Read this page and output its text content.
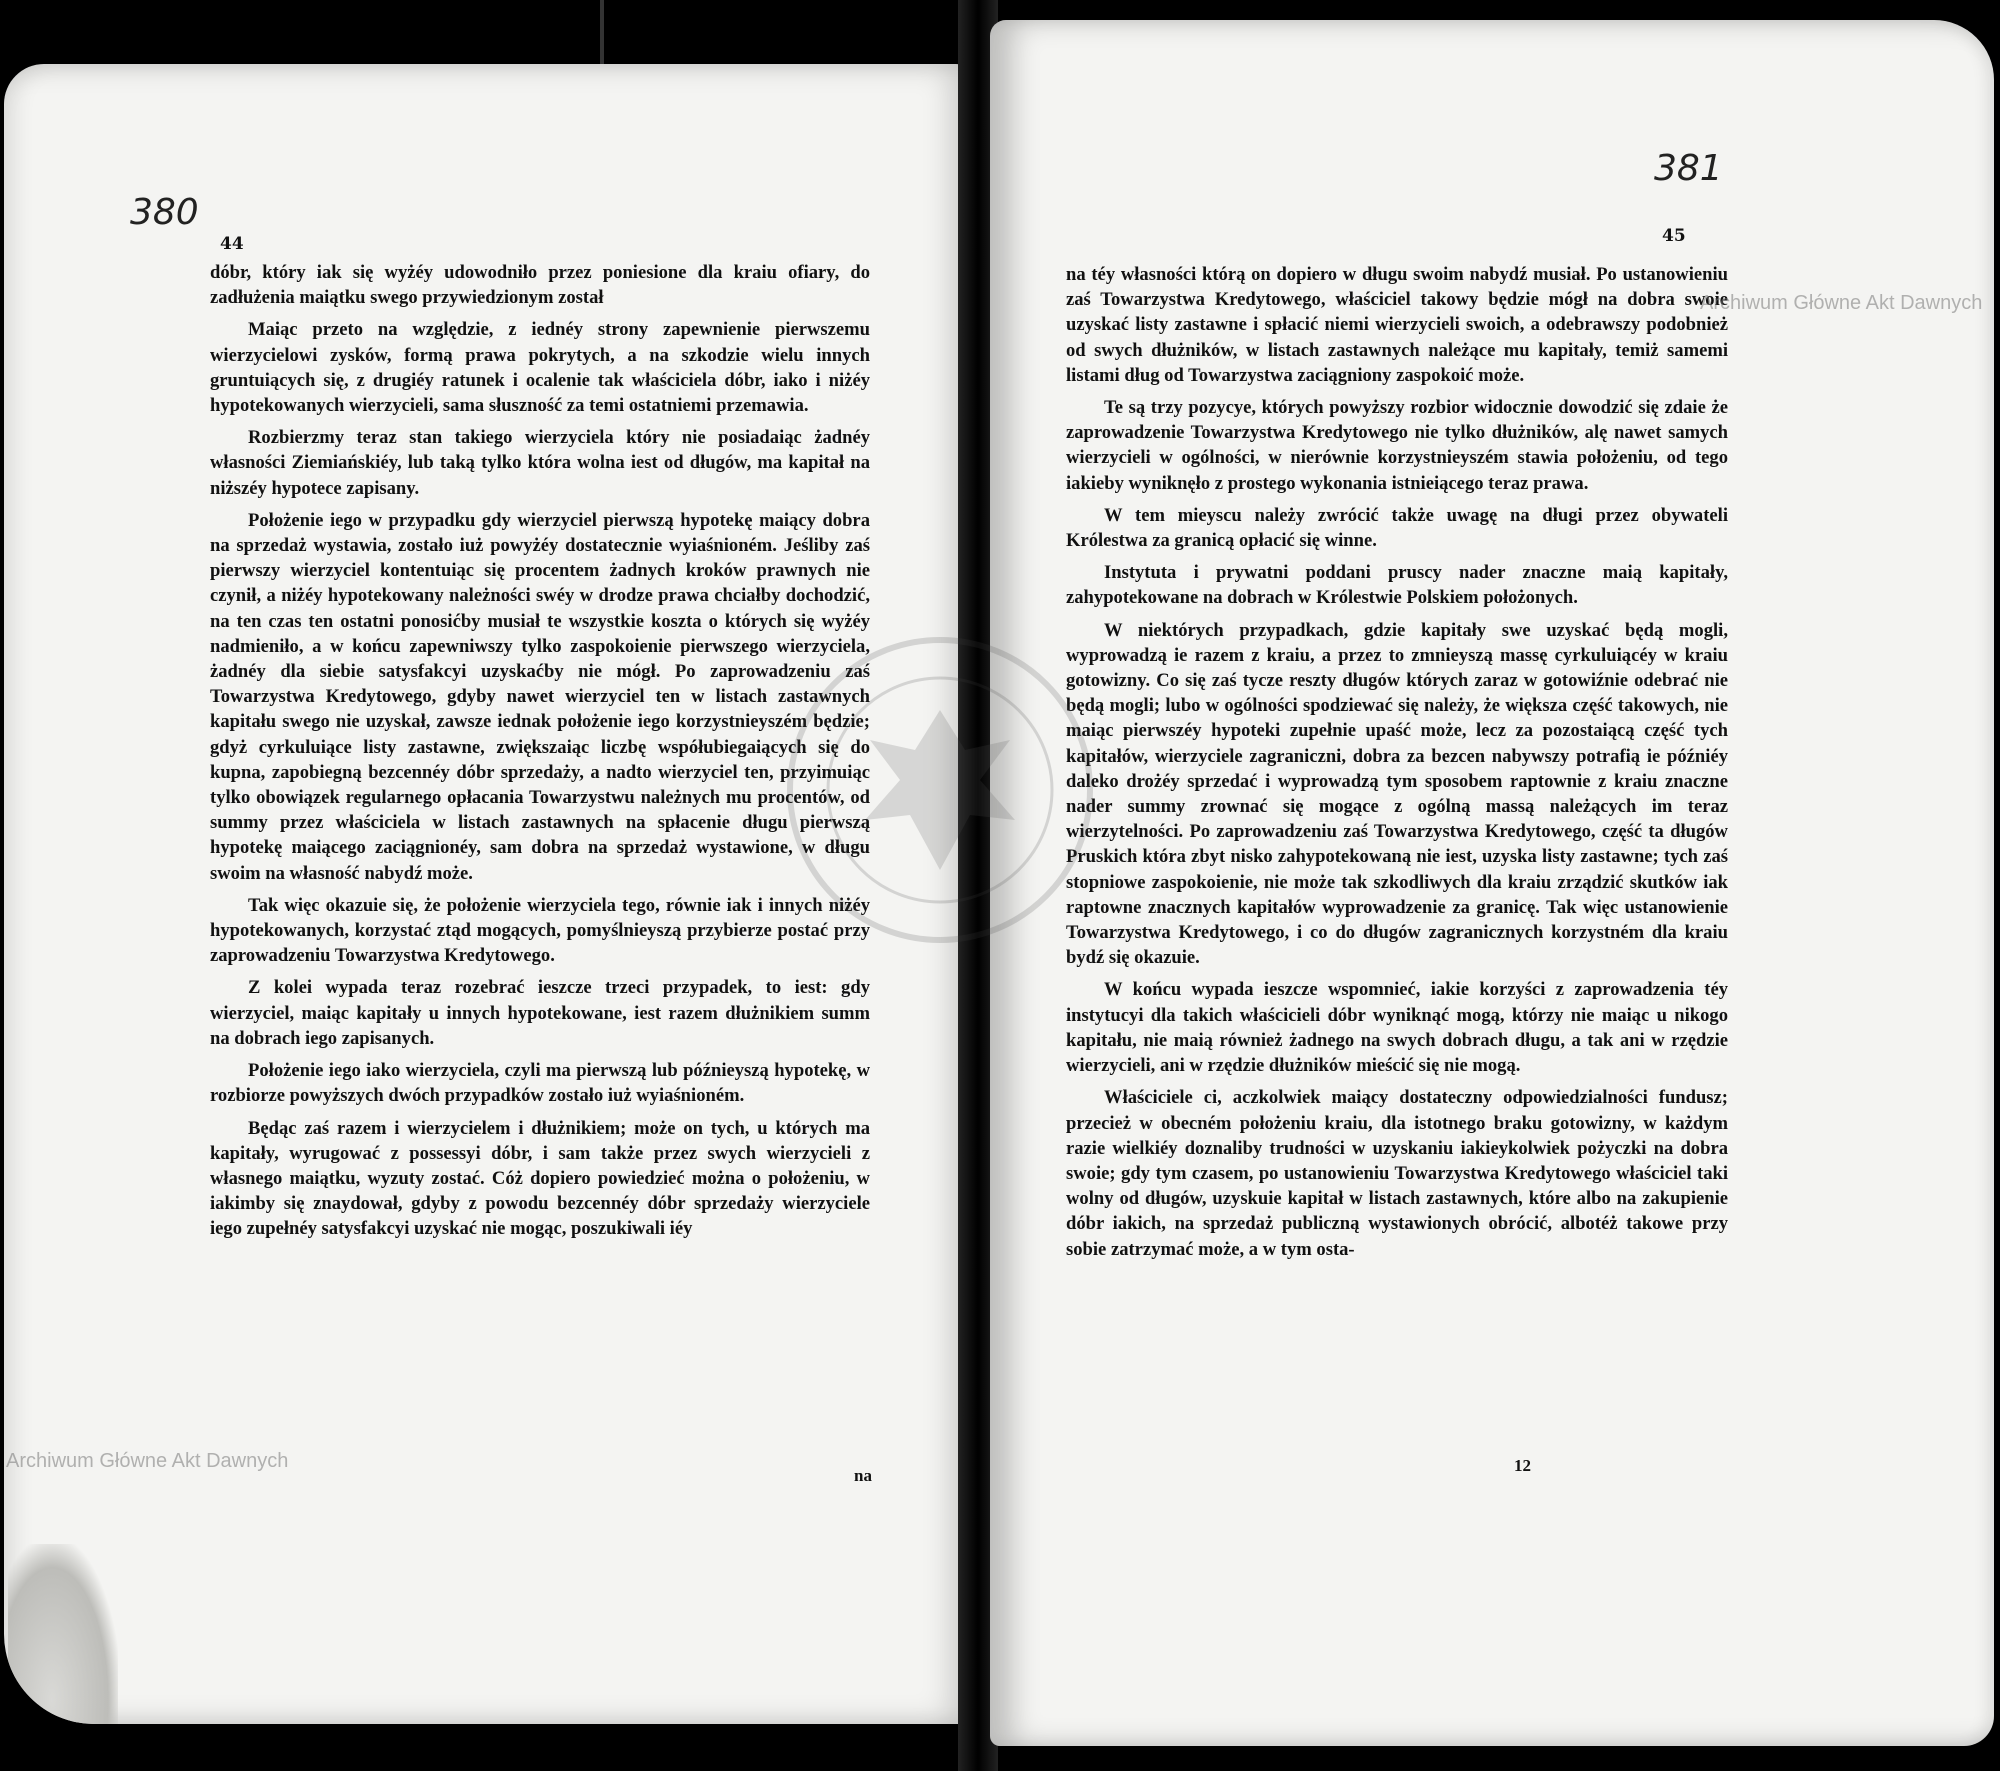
380
44

dóbr, który iak się wyżéy udowodniło przez poniesione dla kraiu ofiary, do zadłużenia maiątku swego przywiedzionym został

Maiąc przeto na względzie, z iednéy strony zapewnienie pierwszemu wierzycielowi zysków, formą prawa pokrytych, a na szkodzie wielu innych gruntuiących się, z drugiéy ratunek i ocalenie tak właściciela dóbr, iako i niżéy hypotekowanych wierzycieli, sama słuszność za temi ostatniemi przemawia.

Rozbierzmy teraz stan takiego wierzyciela który nie posiadaiąc żadnéy własności Ziemiańskiéy, lub taką tylko która wolna iest od długów, ma kapitał na niższéy hypotece zapisany.

Położenie iego w przypadku gdy wierzyciel pierwszą hypotekę maiący dobra na sprzedaż wystawia, zostało iuż powyżéy dostatecznie wyiaśnioném. Jeśliby zaś pierwszy wierzyciel kontentuiąc się procentem żadnych kroków prawnych nie czynił, a niżéy hypotekowany należności swéy w drodze prawa chciałby dochodzić, na ten czas ten ostatni ponosićby musiał te wszystkie koszta o których się wyżéy nadmieniło, a w końcu zapewniwszy tylko zaspokoienie pierwszego wierzyciela, żadnéy dla siebie satysfakcyi uzyskaćby nie mógł. Po zaprowadzeniu zaś Towarzystwa Kredytowego, gdyby nawet wierzyciel ten w listach zastawnych kapitału swego nie uzyskał, zawsze iednak położenie iego korzystnieyszém będzie; gdyż cyrkuluiące listy zastawne, zwiększaiąc liczbę współubiegaiących się do kupna, zapobiegną bezcennéy dóbr sprzedaży, a nadto wierzyciel ten, przyimuiąc tylko obowiązek regularnego opłacania Towarzystwu należnych mu procentów, od summy przez właściciela w listach zastawnych na spłacenie długu pierwszą hypotekę maiącego zaciągnionéy, sam dobra na sprzedaż wystawione, w długu swoim na własność nabydź może.

Tak więc okazuie się, że położenie wierzyciela tego, równie iak i innych niżéy hypotekowanych, korzystać ztąd mogących, pomyślnieyszą przybierze postać przy zaprowadzeniu Towarzystwa Kredytowego.

Z kolei wypada teraz rozebrać ieszcze trzeci przypadek, to iest: gdy wierzyciel, maiąc kapitały u innych hypotekowane, iest razem dłużnikiem summ na dobrach iego zapisanych.

Położenie iego iako wierzyciela, czyli ma pierwszą lub późnieyszą hypotekę, w rozbiorze powyższych dwóch przypadków zostało iuż wyiaśnioném.

Będąc zaś razem i wierzycielem i dłużnikiem; może on tych, u których ma kapitały, wyrugować z possessyi dóbr, i sam także przez swych wierzycieli z własnego maiątku, wyzuty zostać. Cóż dopiero powiedzieć można o położeniu, w iakimby się znaydował, gdyby z powodu bezcennéy dóbr sprzedaży wierzyciele iego zupełnéy satysfakcyi uzyskać nie mogąc, poszukiwali iéy

na
Archiwum Główne Akt Dawnych
381
45

na téy własności którą on dopiero w długu swoim nabydź musiał. Po ustanowieniu zaś Towarzystwa Kredytowego, właściciel takowy będzie mógł na dobra swoie uzyskać listy zastawne i spłacić niemi wierzycieli swoich, a odebrawszy podobnież od swych dłużników, w listach zastawnych należące mu kapitały, temiż samemi listami dług od Towarzystwa zaciągniony zaspokoić może.

Te są trzy pozycye, których powyższy rozbior widocznie dowodzić się zdaie że zaprowadzenie Towarzystwa Kredytowego nie tylko dłużników, alę nawet samych wierzycieli w ogólności, w nierównie korzystnieyszém stawia położeniu, od tego iakieby wyniknęło z prostego wykonania istnieiącego teraz prawa.

W tem mieyscu należy zwrócić także uwagę na długi przez obywateli Królestwa za granicą opłacić się winne.

Instytuta i prywatni poddani pruscy nader znaczne maią kapitały, zahypotekowane na dobrach w Królestwie Polskiem położonych.

W niektórych przypadkach, gdzie kapitały swe uzyskać będą mogli, wyprowadzą ie razem z kraiu, a przez to zmnieyszą massę cyrkuluiącéy w kraiu gotowizny. Co się zaś tycze reszty długów których zaraz w gotowiźnie odebrać nie będą mogli; lubo w ogólności spodziewać się należy, że większa część takowych, nie maiąc pierwszéy hypoteki zupełnie upaść może, lecz za pozostaiącą część tych kapitałów, wierzyciele zagraniczni, dobra za bezcen nabywszy potrafią ie późniéy daleko drożéy sprzedać i wyprowadzą tym sposobem raptownie z kraiu znaczne nader summy zrownać się mogące z ogólną massą należących im teraz wierzytelności. Po zaprowadzeniu zaś Towarzystwa Kredytowego, część ta długów Pruskich która zbyt nisko zahypotekowaną nie iest, uzyska listy zastawne; tych zaś stopniowe zaspokoienie, nie może tak szkodliwych dla kraiu zrządzić skutków iak raptowne znacznych kapitałów wyprowadzenie za granicę. Tak więc ustanowienie Towarzystwa Kredytowego, i co do długów zagranicznych korzystném dla kraiu bydź się okazuie.

W końcu wypada ieszcze wspomnieć, iakie korzyści z zaprowadzenia téy instytucyi dla takich właścicieli dóbr wyniknąć mogą, którzy nie maiąc u nikogo kapitału, nie maią również żadnego na swych dobrach długu, a tak ani w rzędzie wierzycieli, ani w rzędzie dłużników mieścić się nie mogą.

Właściciele ci, aczkolwiek maiący dostateczny odpowiedzialności fundusz; przecież w obecném położeniu kraiu, dla istotnego braku gotowizny, w każdym razie wielkiéy doznaliby trudności w uzyskaniu iakieykolwiek pożyczki na dobra swoie; gdy tym czasem, po ustanowieniu Towarzystwa Kredytowego właściciel taki wolny od długów, uzyskuie kapitał w listach zastawnych, które albo na zakupienie dóbr iakich, na sprzedaż publiczną wystawionych obrócić, albotéż takowe przy sobie zatrzymać może, a w tym osta-

12
Archiwum Główne Akt Dawnych
